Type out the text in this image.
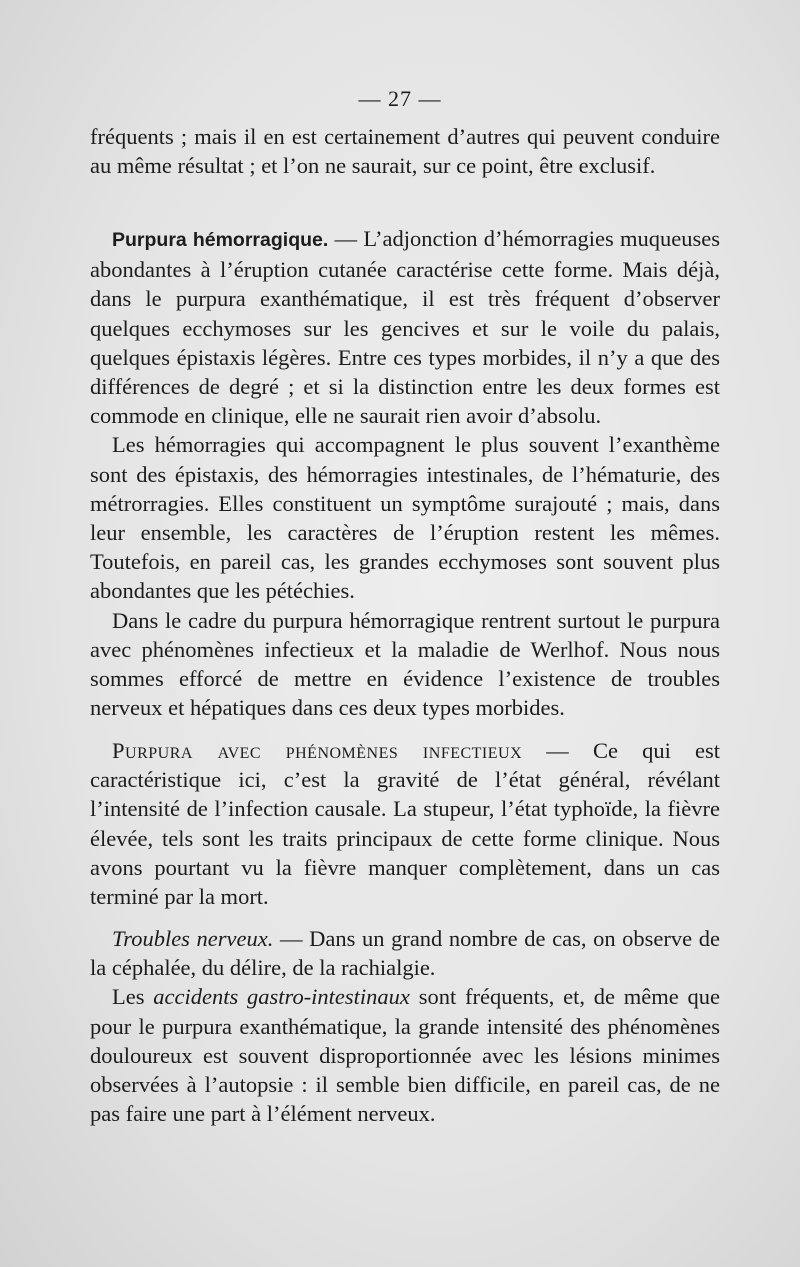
— 27 —

fréquents ; mais il en est certainement d’autres qui peuvent conduire au même résultat ; et l’on ne saurait, sur ce point, être exclusif.

Purpura hémorragique. — L’adjonction d’hémorragies muqueuses abondantes à l’éruption cutanée caractérise cette forme. Mais déjà, dans le purpura exanthématique, il est très fréquent d’observer quelques ecchymoses sur les gencives et sur le voile du palais, quelques épistaxis légères. Entre ces types morbides, il n’y a que des différences de degré ; et si la distinction entre les deux formes est commode en clinique, elle ne saurait rien avoir d’absolu.

Les hémorragies qui accompagnent le plus souvent l’exanthème sont des épistaxis, des hémorragies intestinales, de l’hématurie, des métrorragies. Elles constituent un symptôme surajouté ; mais, dans leur ensemble, les caractères de l’éruption restent les mêmes. Toutefois, en pareil cas, les grandes ecchymoses sont souvent plus abondantes que les pétéchies.

Dans le cadre du purpura hémorragique rentrent surtout le purpura avec phénomènes infectieux et la maladie de Werlhof. Nous nous sommes efforcé de mettre en évidence l’existence de troubles nerveux et hépatiques dans ces deux types morbides.

Purpura avec phénomènes infectieux — Ce qui est caractéristique ici, c’est la gravité de l’état général, révélant l’intensité de l’infection causale. La stupeur, l’état typhoïde, la fièvre élevée, tels sont les traits principaux de cette forme clinique. Nous avons pourtant vu la fièvre manquer complètement, dans un cas terminé par la mort.

Troubles nerveux. — Dans un grand nombre de cas, on observe de la céphalée, du délire, de la rachialgie.

Les accidents gastro-intestinaux sont fréquents, et, de même que pour le purpura exanthématique, la grande intensité des phénomènes douloureux est souvent disproportionnée avec les lésions minimes observées à l’autopsie : il semble bien difficile, en pareil cas, de ne pas faire une part à l’élément nerveux.
